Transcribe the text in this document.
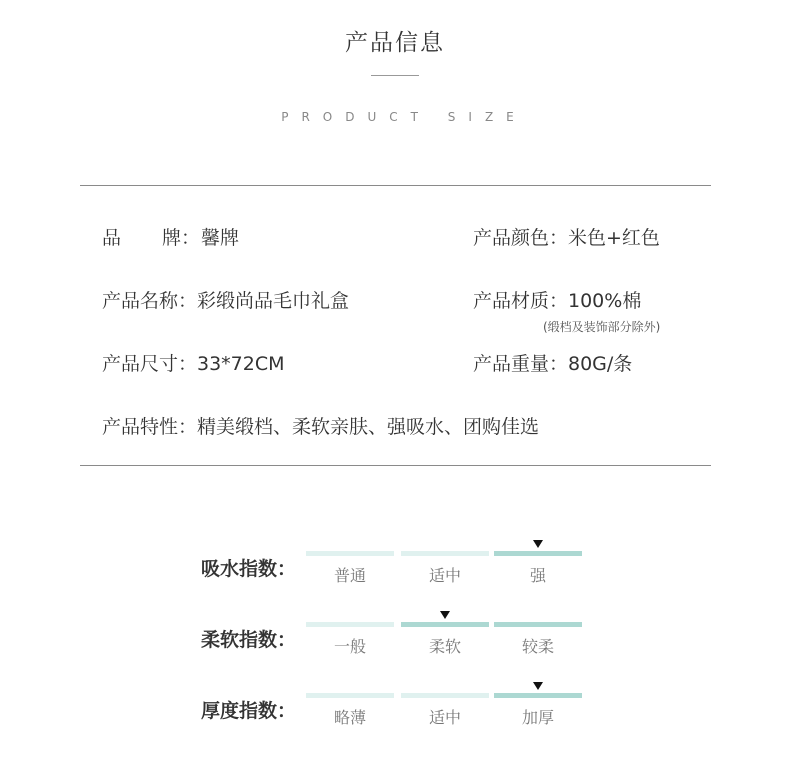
产品信息
PRODUCT SIZE
品 牌：馨牌	产品颜色：米色+红色
产品名称：彩缎尚品毛巾礼盒	产品材质：100%棉
(缎档及装饰部分除外)
产品尺寸：33*72CM	产品重量：80G/条
产品特性：精美缎档、柔软亲肤、强吸水、团购佳选
吸水指数：	普通	适中	强
柔软指数：	一般	柔软	较柔
厚度指数：	略薄	适中	加厚
